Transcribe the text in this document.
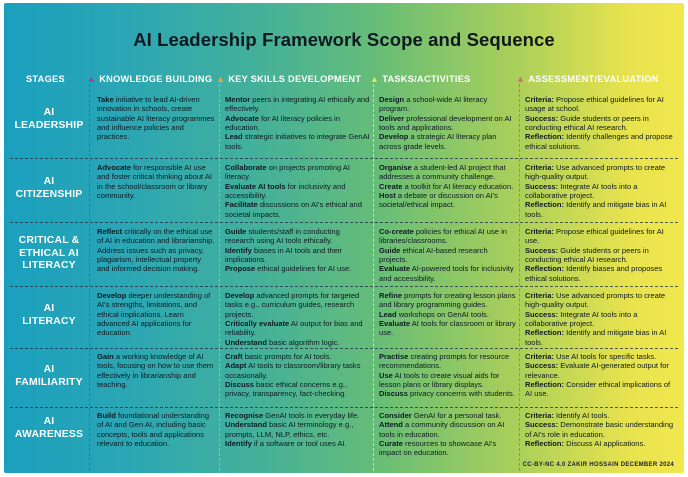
AI Leadership Framework Scope and Sequence
STAGES ▲ KNOWLEDGE BUILDING ▲ KEY SKILLS DEVELOPMENT ▲ TASKS/ACTIVITIES	▲ ASSESSMENT/EVALUATION
AI
LEADERSHIP
AI
CITIZENSHIP
CRITICAL &
ETHICAL AI
LITERACY
AI
LITERACY
AI
FAMILIARITY
AI
AWARENESS
Take initiative to lead AI-driven innovation in schools, create sustainable AI literacy programmes and influence policies and practices.
Mentor peers in integrating AI ethically and effectively.
Advocate for AI literacy policies in education.
Lead strategic initiatives to integrate GenAI tools.
Design a school-wide AI literacy program.
Deliver professional development on AI tools and applications.
Develop a strategic AI literacy plan across grade levels.
Criteria: Propose ethical guidelines for AI usage at school.
Success: Guide students or peers in conducting ethical AI research.
Reflection: Identify challenges and propose ethical solutions.
Advocate for responsible AI use and foster critical thinking about AI in the school/classroom or library community.
Collaborate on projects promoting AI literacy.
Evaluate AI tools for inclusivity and accessibility.
Facilitate discussions on AI's ethical and societal impacts.
Organise a student-led AI project that addresses a community challenge.
Create a toolkit for AI literacy education.
Host a debate or discussion on AI's societal/ethical impact.
Criteria: Use advanced prompts to create high-quality output.
Success: Integrate AI tools into a collaborative project.
Reflection: Identify and mitigate bias in AI tools.
Reflect critically on the ethical use of AI in education and librarianship. Address issues such as privacy, plagiarism, intellectual property and informed decision making.
Guide students/staff in conducting research using AI tools ethically.
Identify biases in AI tools and their implications.
Propose ethical guidelines for AI use.
Co-create policies for ethical AI use in libraries/classrooms.
Guide ethical AI-based research projects.
Evaluate AI-powered tools for inclusivity and accessibility.
Criteria: Propose ethical guidelines for AI use.
Success: Guide students or peers in conducting ethical AI research.
Reflection: Identify biases and proposes ethical solutions.
Develop deeper understanding of AI's strengths, limitations, and ethical implications. Learn advanced AI applications for education.
Develop advanced prompts for targeted tasks e.g., curriculum guides, research projects.
Critically evaluate AI output for bias and reliability.
Understand basic algorithm logic.
Refine prompts for creating lesson plans and library programming guides.
Lead workshops on GenAI tools.
Evaluate AI tools for classroom or library use.
Criteria: Use advanced prompts to create high-quality output.
Success: Integrate AI tools into a collaborative project.
Reflection: Identify and mitigate bias in AI tools.
Gain a working knowledge of AI tools, focusing on how to use them effectively in librarianship and teaching.
Craft basic prompts for AI tools.
Adapt AI tools to classroom/library tasks occasionally.
Discuss basic ethical concerns e.g., privacy, transparency, fact-checking.
Practise creating prompts for resource recommendations.
Use AI tools to create visual aids for lesson plans or library displays.
Discuss privacy concerns with students.
Criteria: Use AI tools for specific tasks.
Success: Evaluate AI-generated output for relevance.
Reflection: Consider ethical implications of AI use.
Build foundational understanding of AI and Gen AI, including basic concepts, tools and applications relevant to education.
Recognise GenAI tools in everyday life.
Understand basic AI terminology e.g., prompts, LLM, NLP, ethics, etc.
Identify if a software or tool uses AI.
Consider GenAI for a personal task.
Attend a community discussion on AI tools in education.
Curate resources to showcase AI's impact on education.
Criteria: Identify AI tools.
Success: Demonstrate basic understanding of AI's role in education.
Reflection: Discuss AI applications.
CC-BY-NC 4.0 ZAKIR HOSSAIN DECEMBER 2024
